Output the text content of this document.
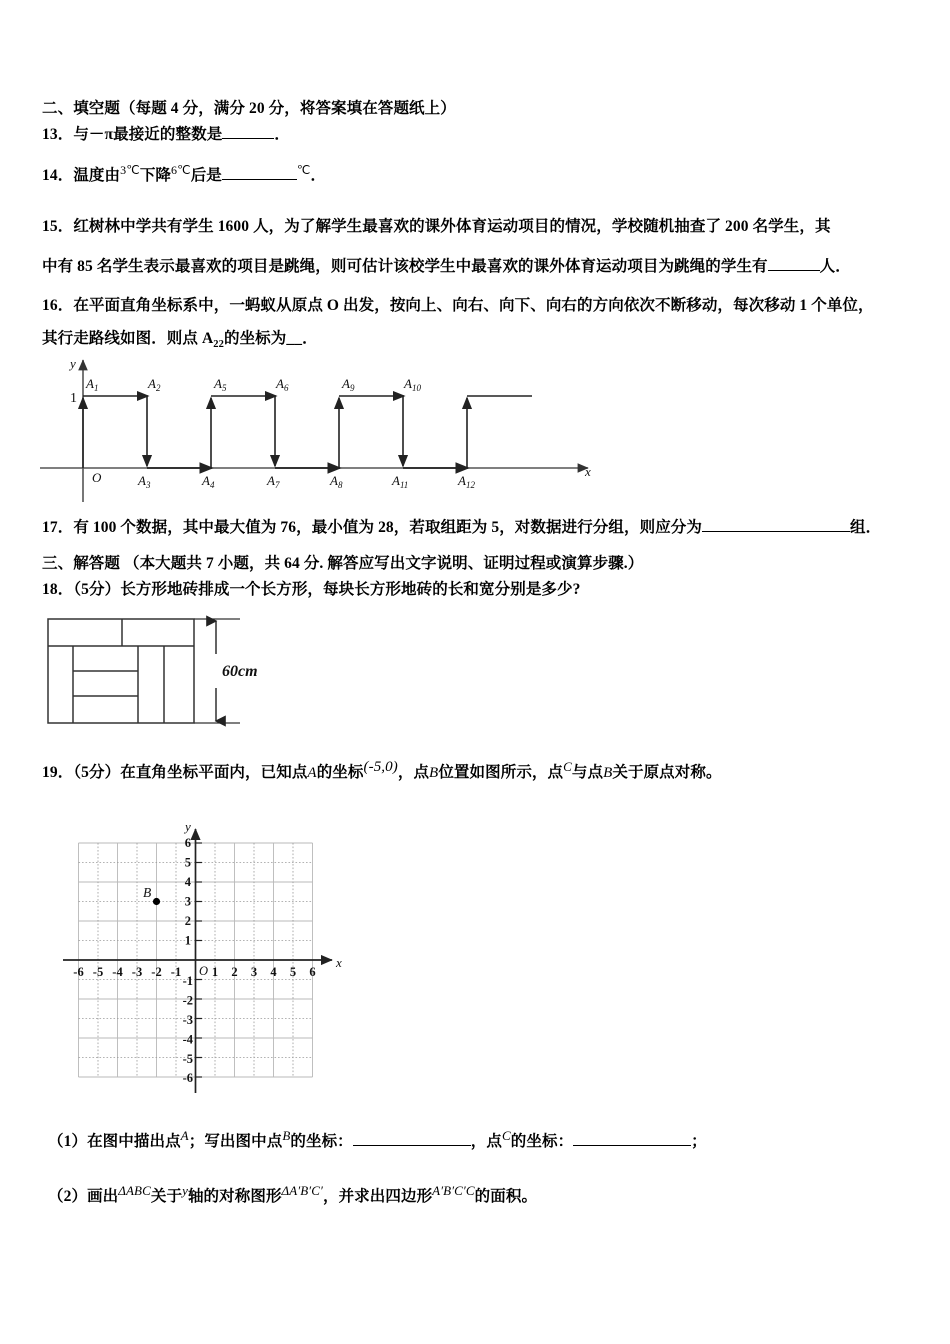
二、填空题（每题 4 分，满分 20 分，将答案填在答题纸上）
13．与－π最接近的整数是	．
14．温度由$^{3℃}$下降$^{6℃}$后是	℃．
15．红树林中学共有学生 1600 人，为了解学生最喜欢的课外体育运动项目的情况，学校随机抽查了 200 名学生，其
中有 85 名学生表示最喜欢的项目是跳绳，则可估计该校学生中最喜欢的课外体育运动项目为跳绳的学生有	人．
16．在平面直角坐标系中，一蚂蚁从原点 O 出发，按向上、向右、向下、向右的方向依次不断移动，每次移动 1 个单位，
其行走路线如图．则点 $A_{22}$的坐标为__．
y
x
1
O
$A_1$	$A_2$	$A_5$	$A_6$	$A_9$	$A_{10}$
$A_3$	$A_4$	$A_7$	$A_8$	$A_{11}$	$A_{12}$
17．有 100 个数据，其中最大值为 76，最小值为 28，若取组距为 5，对数据进行分组，则应分为	组．
三、解答题 （本大题共 7 小题，共 64 分. 解答应写出文字说明、证明过程或演算步骤.）
18．（5分）长方形地砖排成一个长方形，每块长方形地砖的长和宽分别是多少?
60cm
19．（5分）在直角坐标平面内，已知点A的坐标(-5,0)，点B位置如图所示，点$^C$与点B关于原点对称。
x
y
O
-6 -5 -4 -3 -2 -1 1 2 3 4 5 6
6
5
4
3
2
1
-1
-2
-3
-4
-5
-6
B
（1）在图中描出点$^A$；写出图中点$^B$的坐标：	，点$^C$的坐标：	；
（2）画出$^{\Delta ABC}$关于$^y$轴的对称图形$^{\Delta A'B'C'}$，并求出四边形$^{A'B'C'C}$的面积。
